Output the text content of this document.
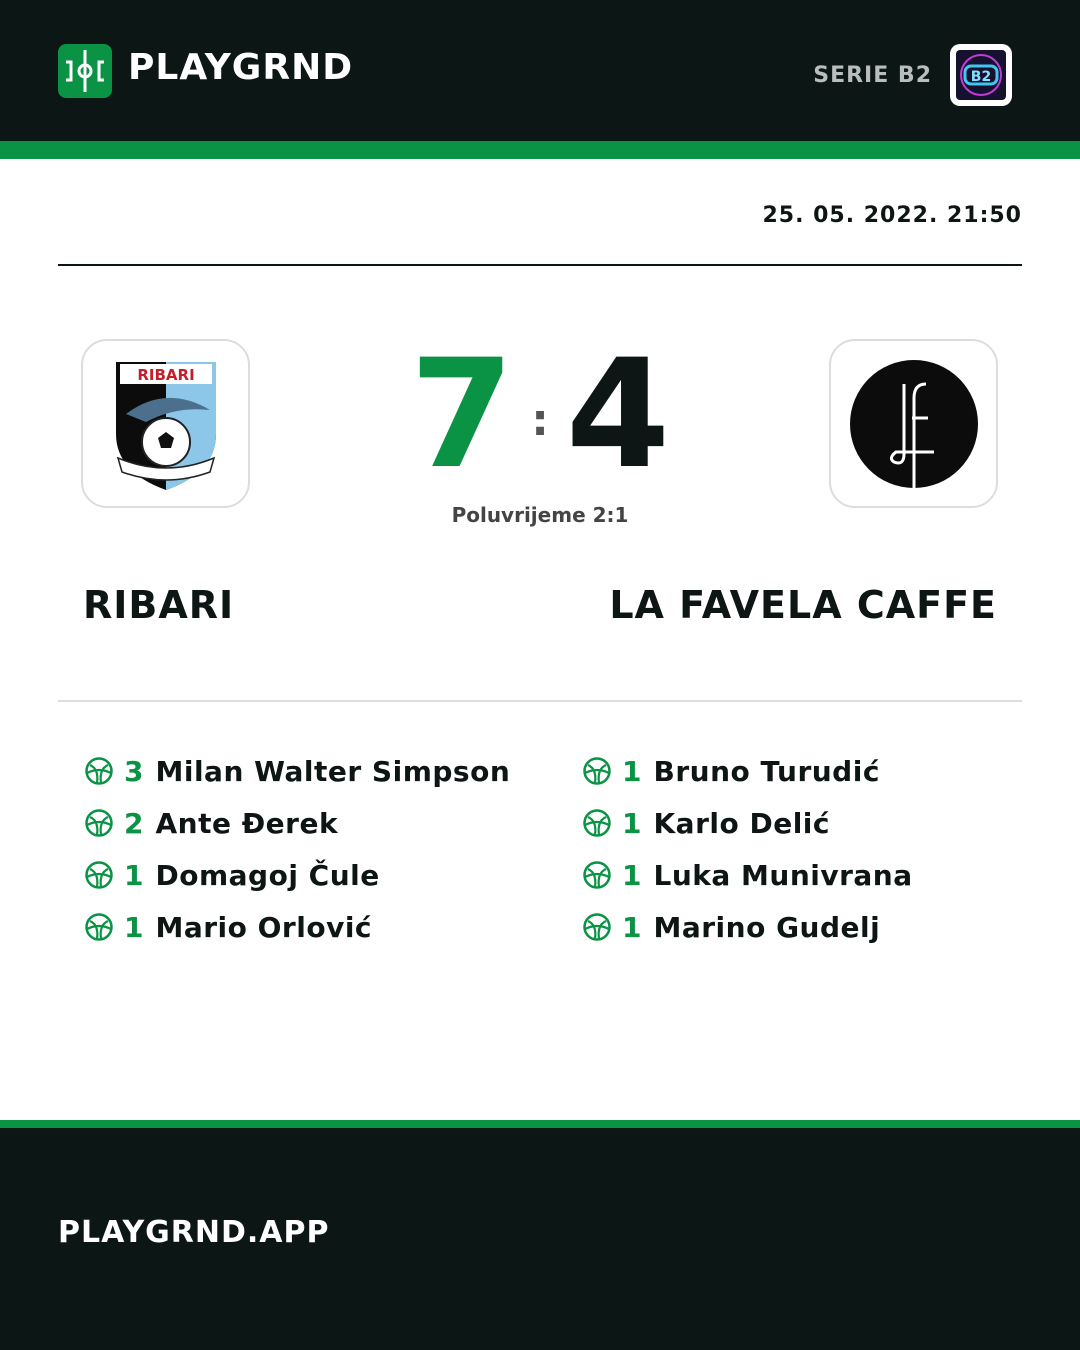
PLAYGRND	SERIE B2	B2
25. 05. 2022. 21:50
RIBARI 7 : 4
Poluvrijeme 2:1
RIBARI	LA FAVELA CAFFE
3 Milan Walter Simpson
2 Ante Đerek
1 Domagoj Čule
1 Mario Orlović
1 Bruno Turudić
1 Karlo Delić
1 Luka Munivrana
1 Marino Gudelj
PLAYGRND.APP
